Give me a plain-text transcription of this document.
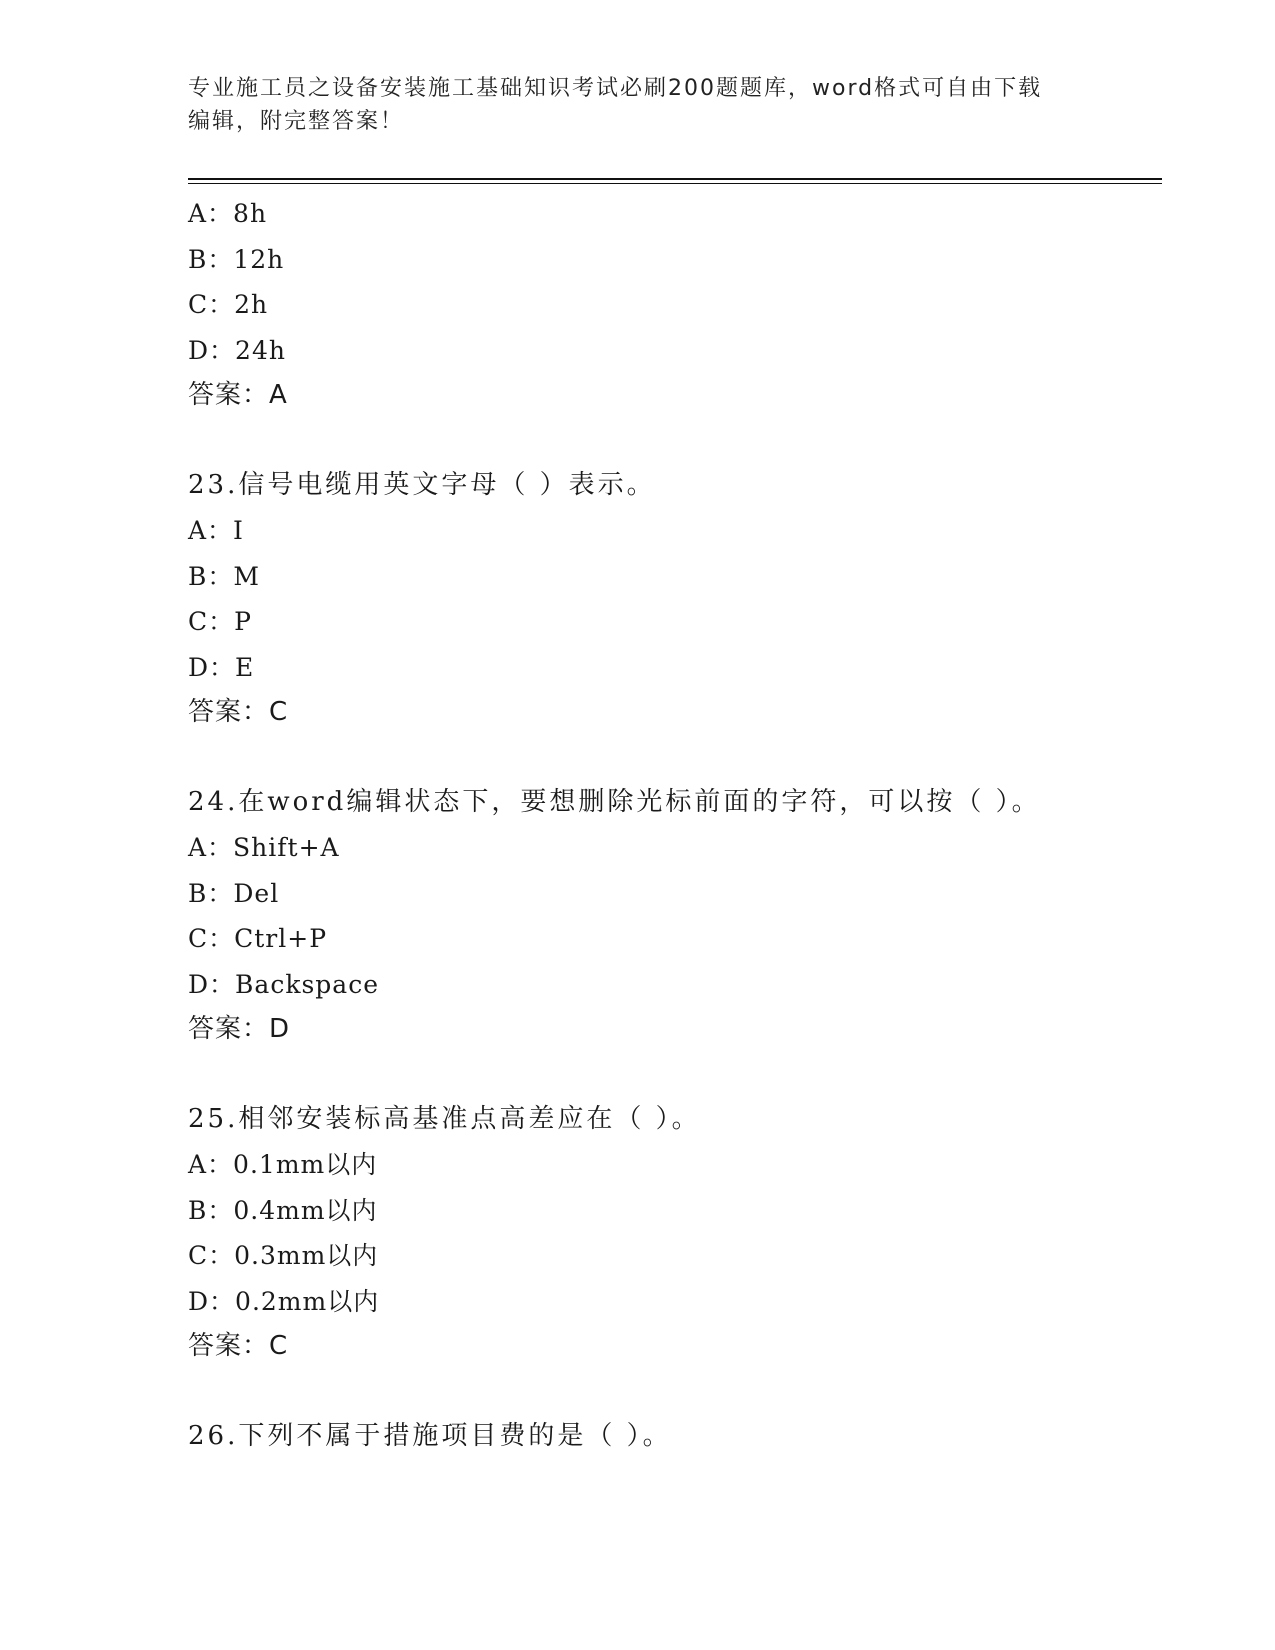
专业施工员之设备安装施工基础知识考试必刷200题题库，word格式可自由下载
编辑，附完整答案！
A：8h
B：12h
C：2h
D：24h
答案：A
23.信号电缆用英文字母（ ）表示。
A：I
B：M
C：P
D：E
答案：C
24.在word编辑状态下，要想删除光标前面的字符，可以按（ ）。
A：Shift+A
B：Del
C：Ctrl+P
D：Backspace
答案：D
25.相邻安装标高基准点高差应在（ ）。
A：0.1mm以内
B：0.4mm以内
C：0.3mm以内
D：0.2mm以内
答案：C
26.下列不属于措施项目费的是（ ）。
